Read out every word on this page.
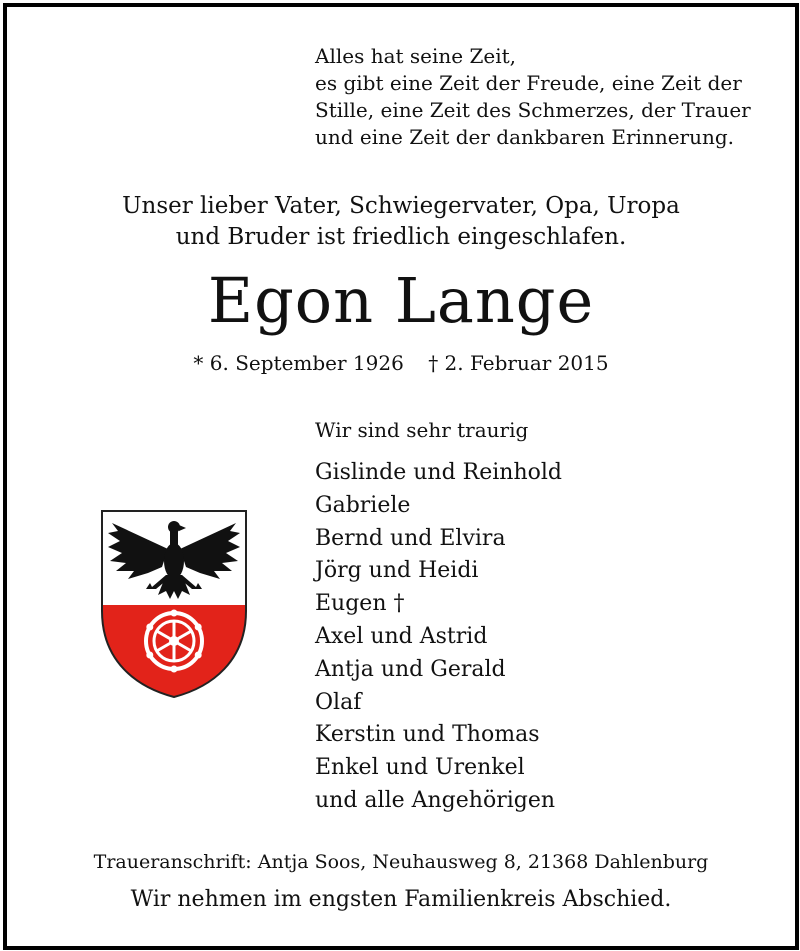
Alles hat seine Zeit,
es gibt eine Zeit der Freude, eine Zeit der
Stille, eine Zeit des Schmerzes, der Trauer
und eine Zeit der dankbaren Erinnerung.
Unser lieber Vater, Schwiegervater, Opa, Uropa
und Bruder ist friedlich eingeschlafen.
Egon Lange
* 6. September 1926 † 2. Februar 2015
Wir sind sehr traurig
Gislinde und Reinhold
Gabriele
Bernd und Elvira
Jörg und Heidi
Eugen †
Axel und Astrid
Antja und Gerald
Olaf
Kerstin und Thomas
Enkel und Urenkel
und alle Angehörigen
Traueranschrift: Antja Soos, Neuhausweg 8, 21368 Dahlenburg
Wir nehmen im engsten Familienkreis Abschied.
